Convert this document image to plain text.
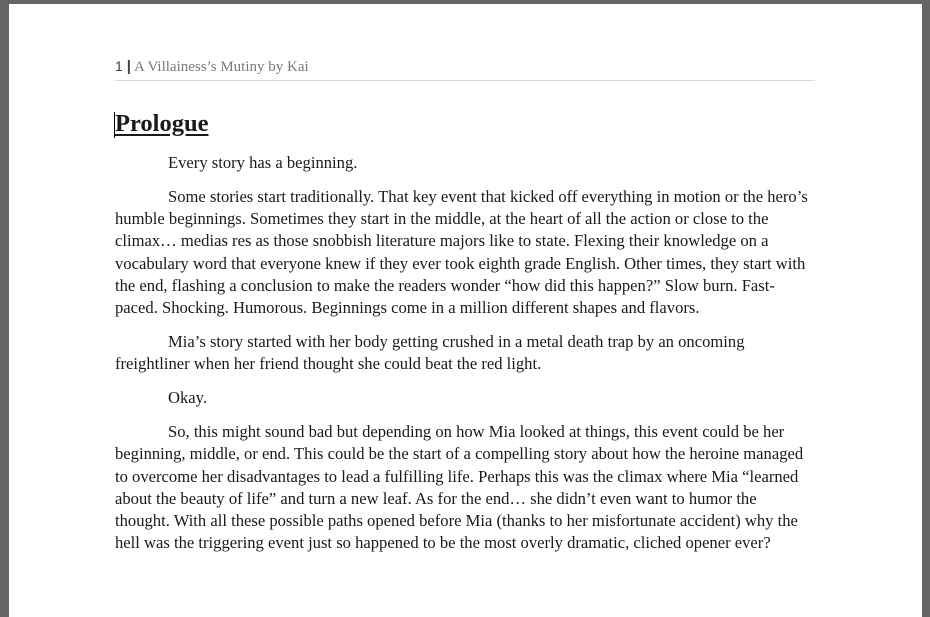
1 | A Villainess’s Mutiny by Kai
Prologue

Every story has a beginning.

Some stories start traditionally. That key event that kicked off everything in motion or the hero’s humble beginnings. Sometimes they start in the middle, at the heart of all the action or close to the climax… medias res as those snobbish literature majors like to state. Flexing their knowledge on a vocabulary word that everyone knew if they ever took eighth grade English. Other times, they start with the end, flashing a conclusion to make the readers wonder “how did this happen?” Slow burn. Fast-paced. Shocking. Humorous. Beginnings come in a million different shapes and flavors.

Mia’s story started with her body getting crushed in a metal death trap by an oncoming freightliner when her friend thought she could beat the red light.

Okay.

So, this might sound bad but depending on how Mia looked at things, this event could be her beginning, middle, or end. This could be the start of a compelling story about how the heroine managed to overcome her disadvantages to lead a fulfilling life. Perhaps this was the climax where Mia “learned about the beauty of life” and turn a new leaf. As for the end… she didn’t even want to humor the thought. With all these possible paths opened before Mia (thanks to her misfortunate accident) why the hell was the triggering event just so happened to be the most overly dramatic, cliched opener ever?
